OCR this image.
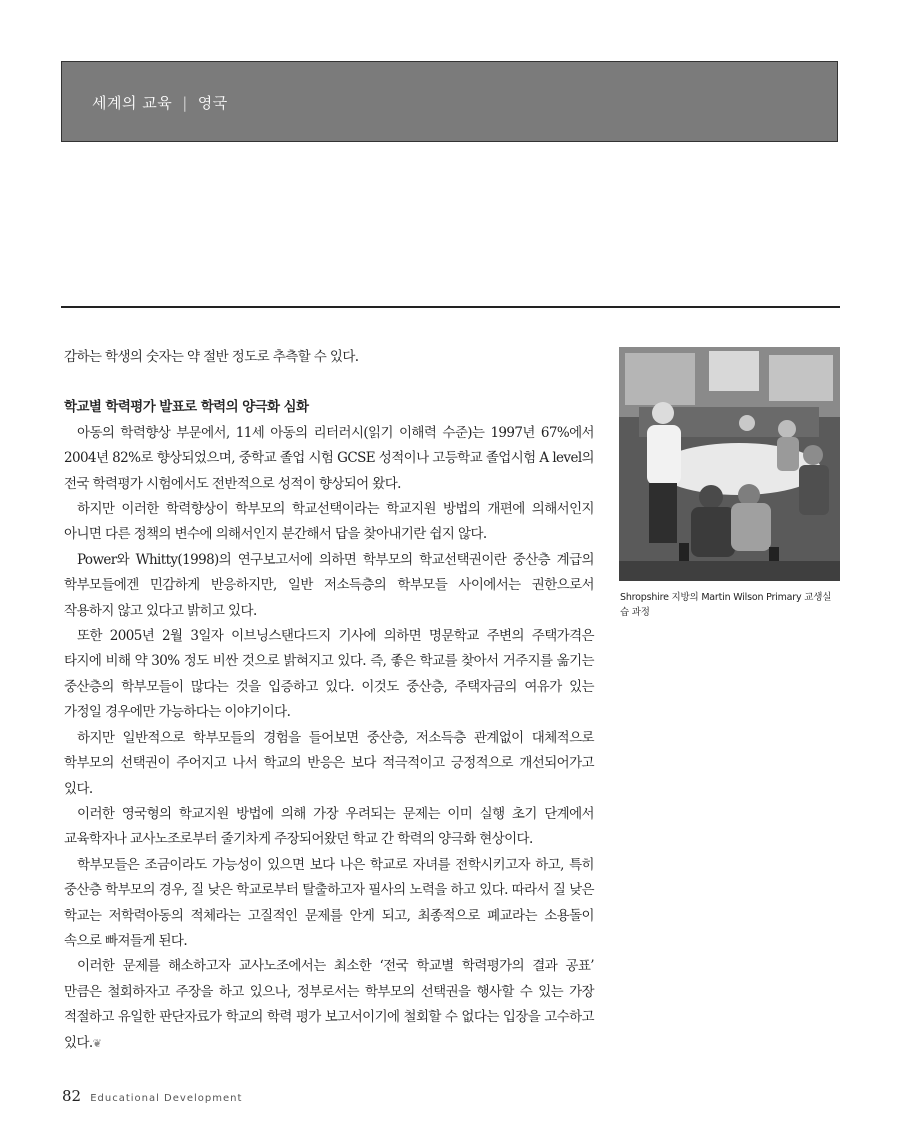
세계의 교육 | 영국

감하는 학생의 숫자는 약 절반 정도로 추측할 수 있다.

학교별 학력평가 발표로 학력의 양극화 심화

아동의 학력향상 부문에서, 11세 아동의 리터러시(읽기 이해력 수준)는 1997년 67%에서 2004년 82%로 향상되었으며, 중학교 졸업 시험 GCSE 성적이나 고등학교 졸업시험 A level의 전국 학력평가 시험에서도 전반적으로 성적이 향상되어 왔다.

하지만 이러한 학력향상이 학부모의 학교선택이라는 학교지원 방법의 개편에 의해서인지 아니면 다른 정책의 변수에 의해서인지 분간해서 답을 찾아내기란 쉽지 않다.

Power와 Whitty(1998)의 연구보고서에 의하면 학부모의 학교선택권이란 중산층 계급의 학부모들에겐 민감하게 반응하지만, 일반 저소득층의 학부모들 사이에서는 권한으로서 작용하지 않고 있다고 밝히고 있다.

또한 2005년 2월 3일자 이브닝스탠다드지 기사에 의하면 명문학교 주변의 주택가격은 타지에 비해 약 30% 정도 비싼 것으로 밝혀지고 있다. 즉, 좋은 학교를 찾아서 거주지를 옮기는 중산층의 학부모들이 많다는 것을 입증하고 있다. 이것도 중산층, 주택자금의 여유가 있는 가정일 경우에만 가능하다는 이야기이다.

하지만 일반적으로 학부모들의 경험을 들어보면 중산층, 저소득층 관계없이 대체적으로 학부모의 선택권이 주어지고 나서 학교의 반응은 보다 적극적이고 긍정적으로 개선되어가고 있다.

이러한 영국형의 학교지원 방법에 의해 가장 우려되는 문제는 이미 실행 초기 단계에서 교육학자나 교사노조로부터 줄기차게 주장되어왔던 학교 간 학력의 양극화 현상이다.

학부모들은 조금이라도 가능성이 있으면 보다 나은 학교로 자녀를 전학시키고자 하고, 특히 중산층 학부모의 경우, 질 낮은 학교로부터 탈출하고자 필사의 노력을 하고 있다. 따라서 질 낮은 학교는 저학력아동의 적체라는 고질적인 문제를 안게 되고, 최종적으로 폐교라는 소용돌이 속으로 빠져들게 된다.

이러한 문제를 해소하고자 교사노조에서는 최소한 ‘전국 학교별 학력평가의 결과 공표’ 만큼은 철회하자고 주장을 하고 있으나, 정부로서는 학부모의 선택권을 행사할 수 있는 가장 적절하고 유일한 판단자료가 학교의 학력 평가 보고서이기에 철회할 수 없다는 입장을 고수하고 있다.❦

Shropshire 지방의 Martin Wilson Primary 교생실습 과정
82 Educational Development
